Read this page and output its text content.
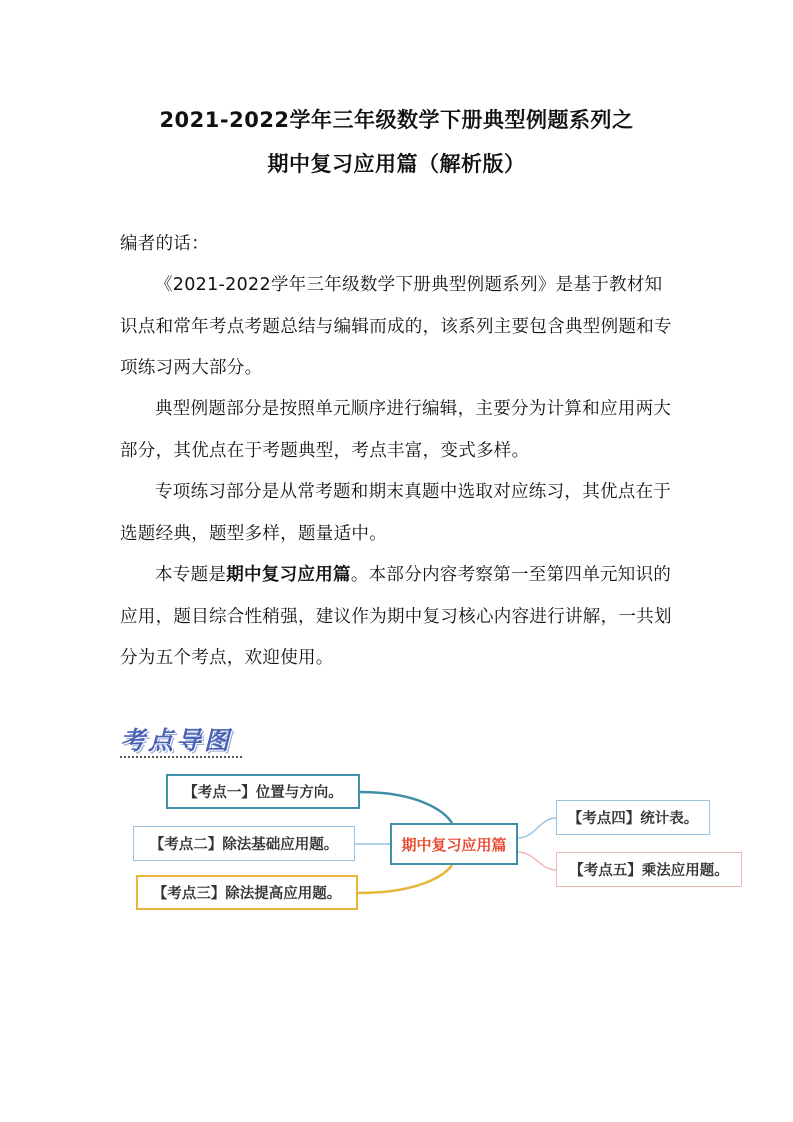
2021-2022学年三年级数学下册典型例题系列之
期中复习应用篇（解析版）
编者的话：
《2021-2022学年三年级数学下册典型例题系列》是基于教材知识点和常年考点考题总结与编辑而成的，该系列主要包含典型例题和专项练习两大部分。
典型例题部分是按照单元顺序进行编辑，主要分为计算和应用两大部分，其优点在于考题典型，考点丰富，变式多样。
专项练习部分是从常考题和期末真题中选取对应练习，其优点在于选题经典，题型多样，题量适中。
本专题是期中复习应用篇。本部分内容考察第一至第四单元知识的应用，题目综合性稍强，建议作为期中复习核心内容进行讲解，一共划分为五个考点，欢迎使用。
考点导图
【考点一】位置与方向。
【考点二】除法基础应用题。
【考点三】除法提高应用题。
期中复习应用篇
【考点四】统计表。
【考点五】乘法应用题。
